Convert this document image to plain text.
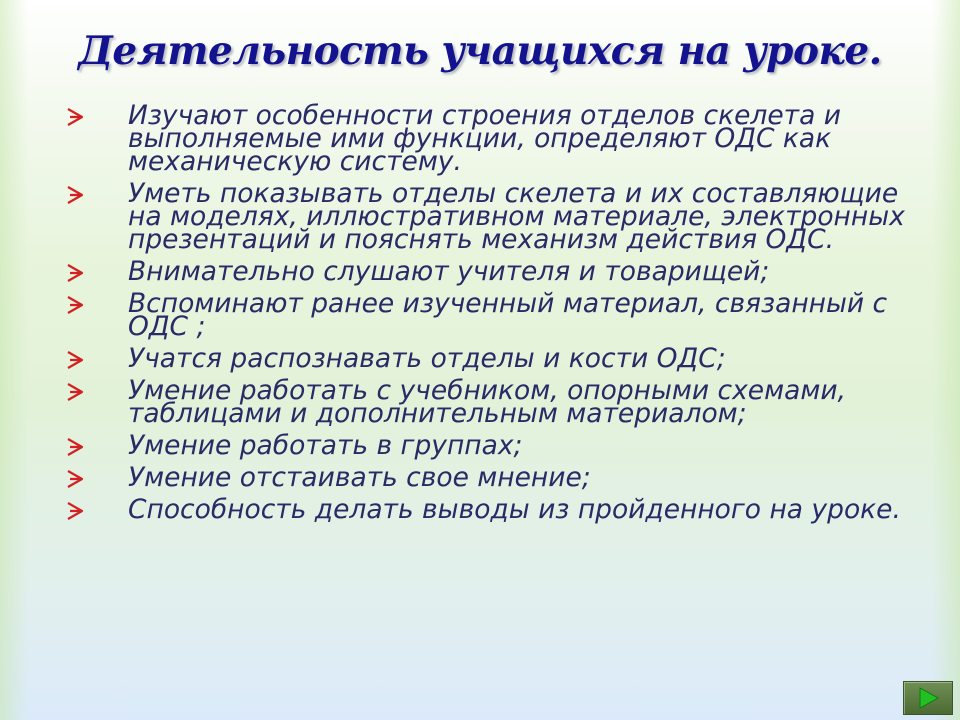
Деятельность учащихся на уроке.
Изучают особенности строения отделов скелета и выполняемые ими функции, определяют ОДС как механическую систему.
Уметь показывать отделы скелета и их составляющие на моделях, иллюстративном материале, электронных презентаций и пояснять механизм действия ОДС.
Внимательно слушают учителя и товарищей;
Вспоминают ранее изученный материал, связанный с ОДС ;
Учатся распознавать отделы и кости ОДС;
Умение работать с учебником, опорными схемами, таблицами и дополнительным материалом;
Умение работать в группах;
Умение отстаивать свое мнение;
Способность делать выводы из пройденного на уроке.
